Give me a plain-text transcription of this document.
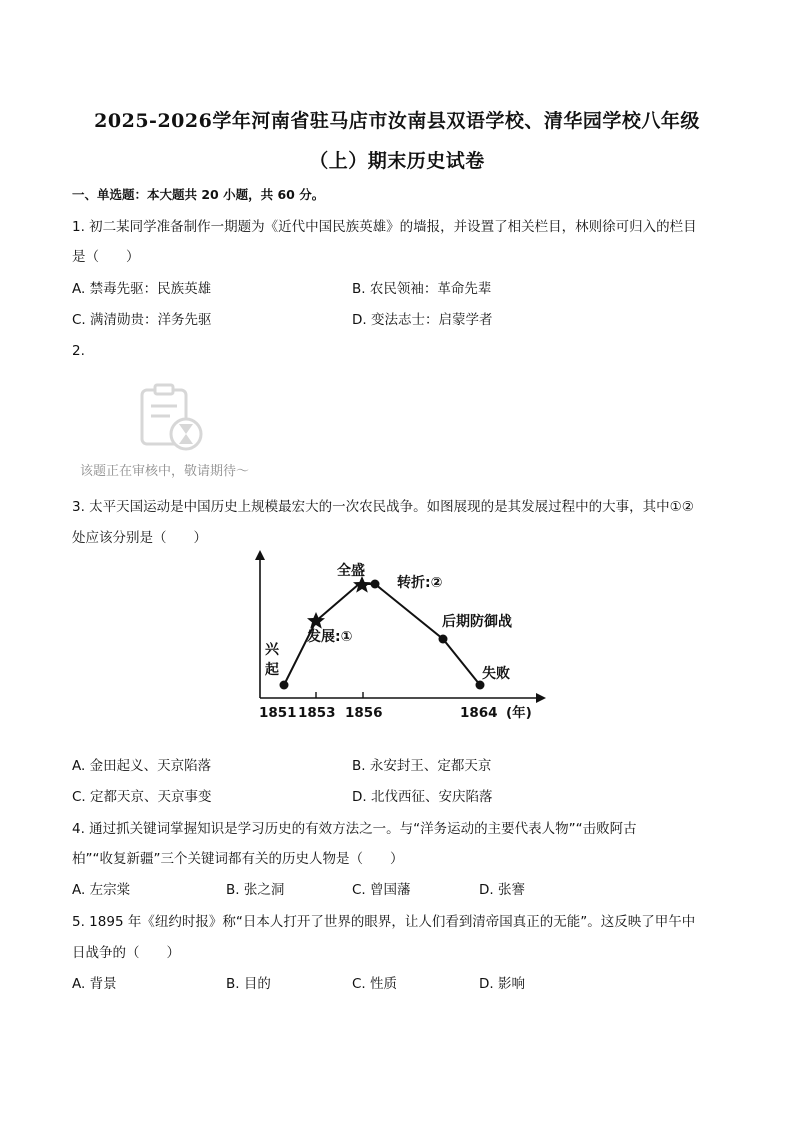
2025-2026学年河南省驻马店市汝南县双语学校、清华园学校八年级
（上）期末历史试卷
一、单选题：本大题共 20 小题，共 60 分。
1. 初二某同学准备制作一期题为《近代中国民族英雄》的墙报，并设置了相关栏目，林则徐可归入的栏目
是（　　）
A. 禁毒先驱：民族英雄	B. 农民领袖：革命先辈
C. 满清勋贵：洋务先驱	D. 变法志士：启蒙学者
2.
该题正在审核中，敬请期待～
3. 太平天国运动是中国历史上规模最宏大的一次农民战争。如图展现的是其发展过程中的大事，其中①②
处应该分别是（　　）
兴
起
发展:①
全盛
转折:②
后期防御战
失败
1851 1853 1856	1864 (年)
A. 金田起义、天京陷落	B. 永安封王、定都天京
C. 定都天京、天京事变	D. 北伐西征、安庆陷落
4. 通过抓关键词掌握知识是学习历史的有效方法之一。与“洋务运动的主要代表人物”“击败阿古
柏”“收复新疆”三个关键词都有关的历史人物是（　　）
A. 左宗棠	B. 张之洞	C. 曾国藩	D. 张謇
5. 1895 年《纽约时报》称“日本人打开了世界的眼界，让人们看到清帝国真正的无能”。这反映了甲午中
日战争的（　　）
A. 背景	B. 目的	C. 性质	D. 影响
